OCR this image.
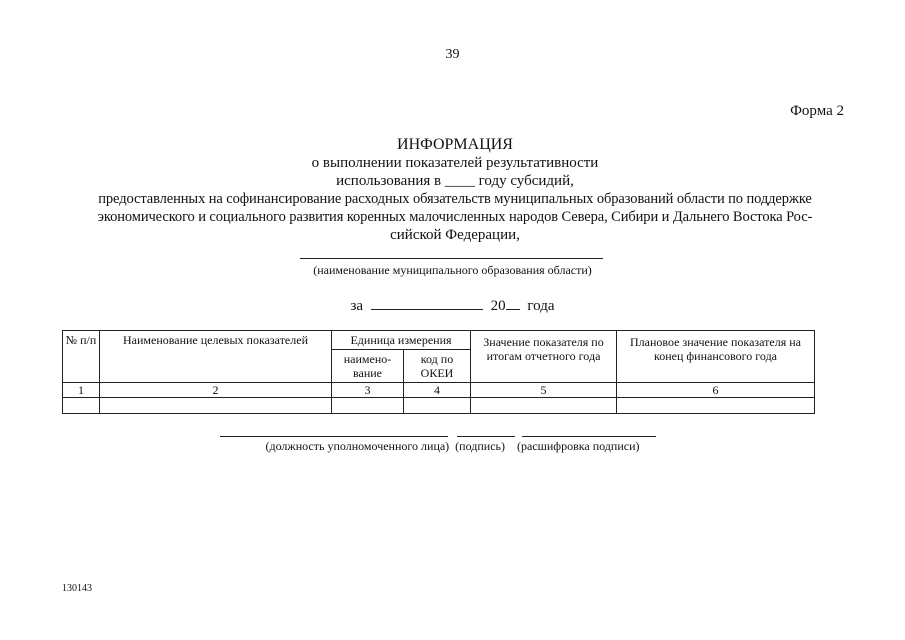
39
Форма 2
ИНФОРМАЦИЯ
о выполнении показателей результативности
использования в ____ году субсидий,
предоставленных на софинансирование расходных обязательств муниципальных образований области по поддержке
экономического и социального развития коренных малочисленных народов Севера, Сибири и Дальнего Востока Рос-
сийской Федерации,
(наименование муниципального образования области)
за	20 года
№ п/п	Наименование целевых показателей	Единица измерения		Значение показателя по итогам отчетного года	Плановое значение показателя на конец финансового года
		наимено-вание	код по ОКЕИ		
1	2	3	4	5	6

(должность уполномоченного лица)  (подпись)    (расшифровка подписи)
130143
